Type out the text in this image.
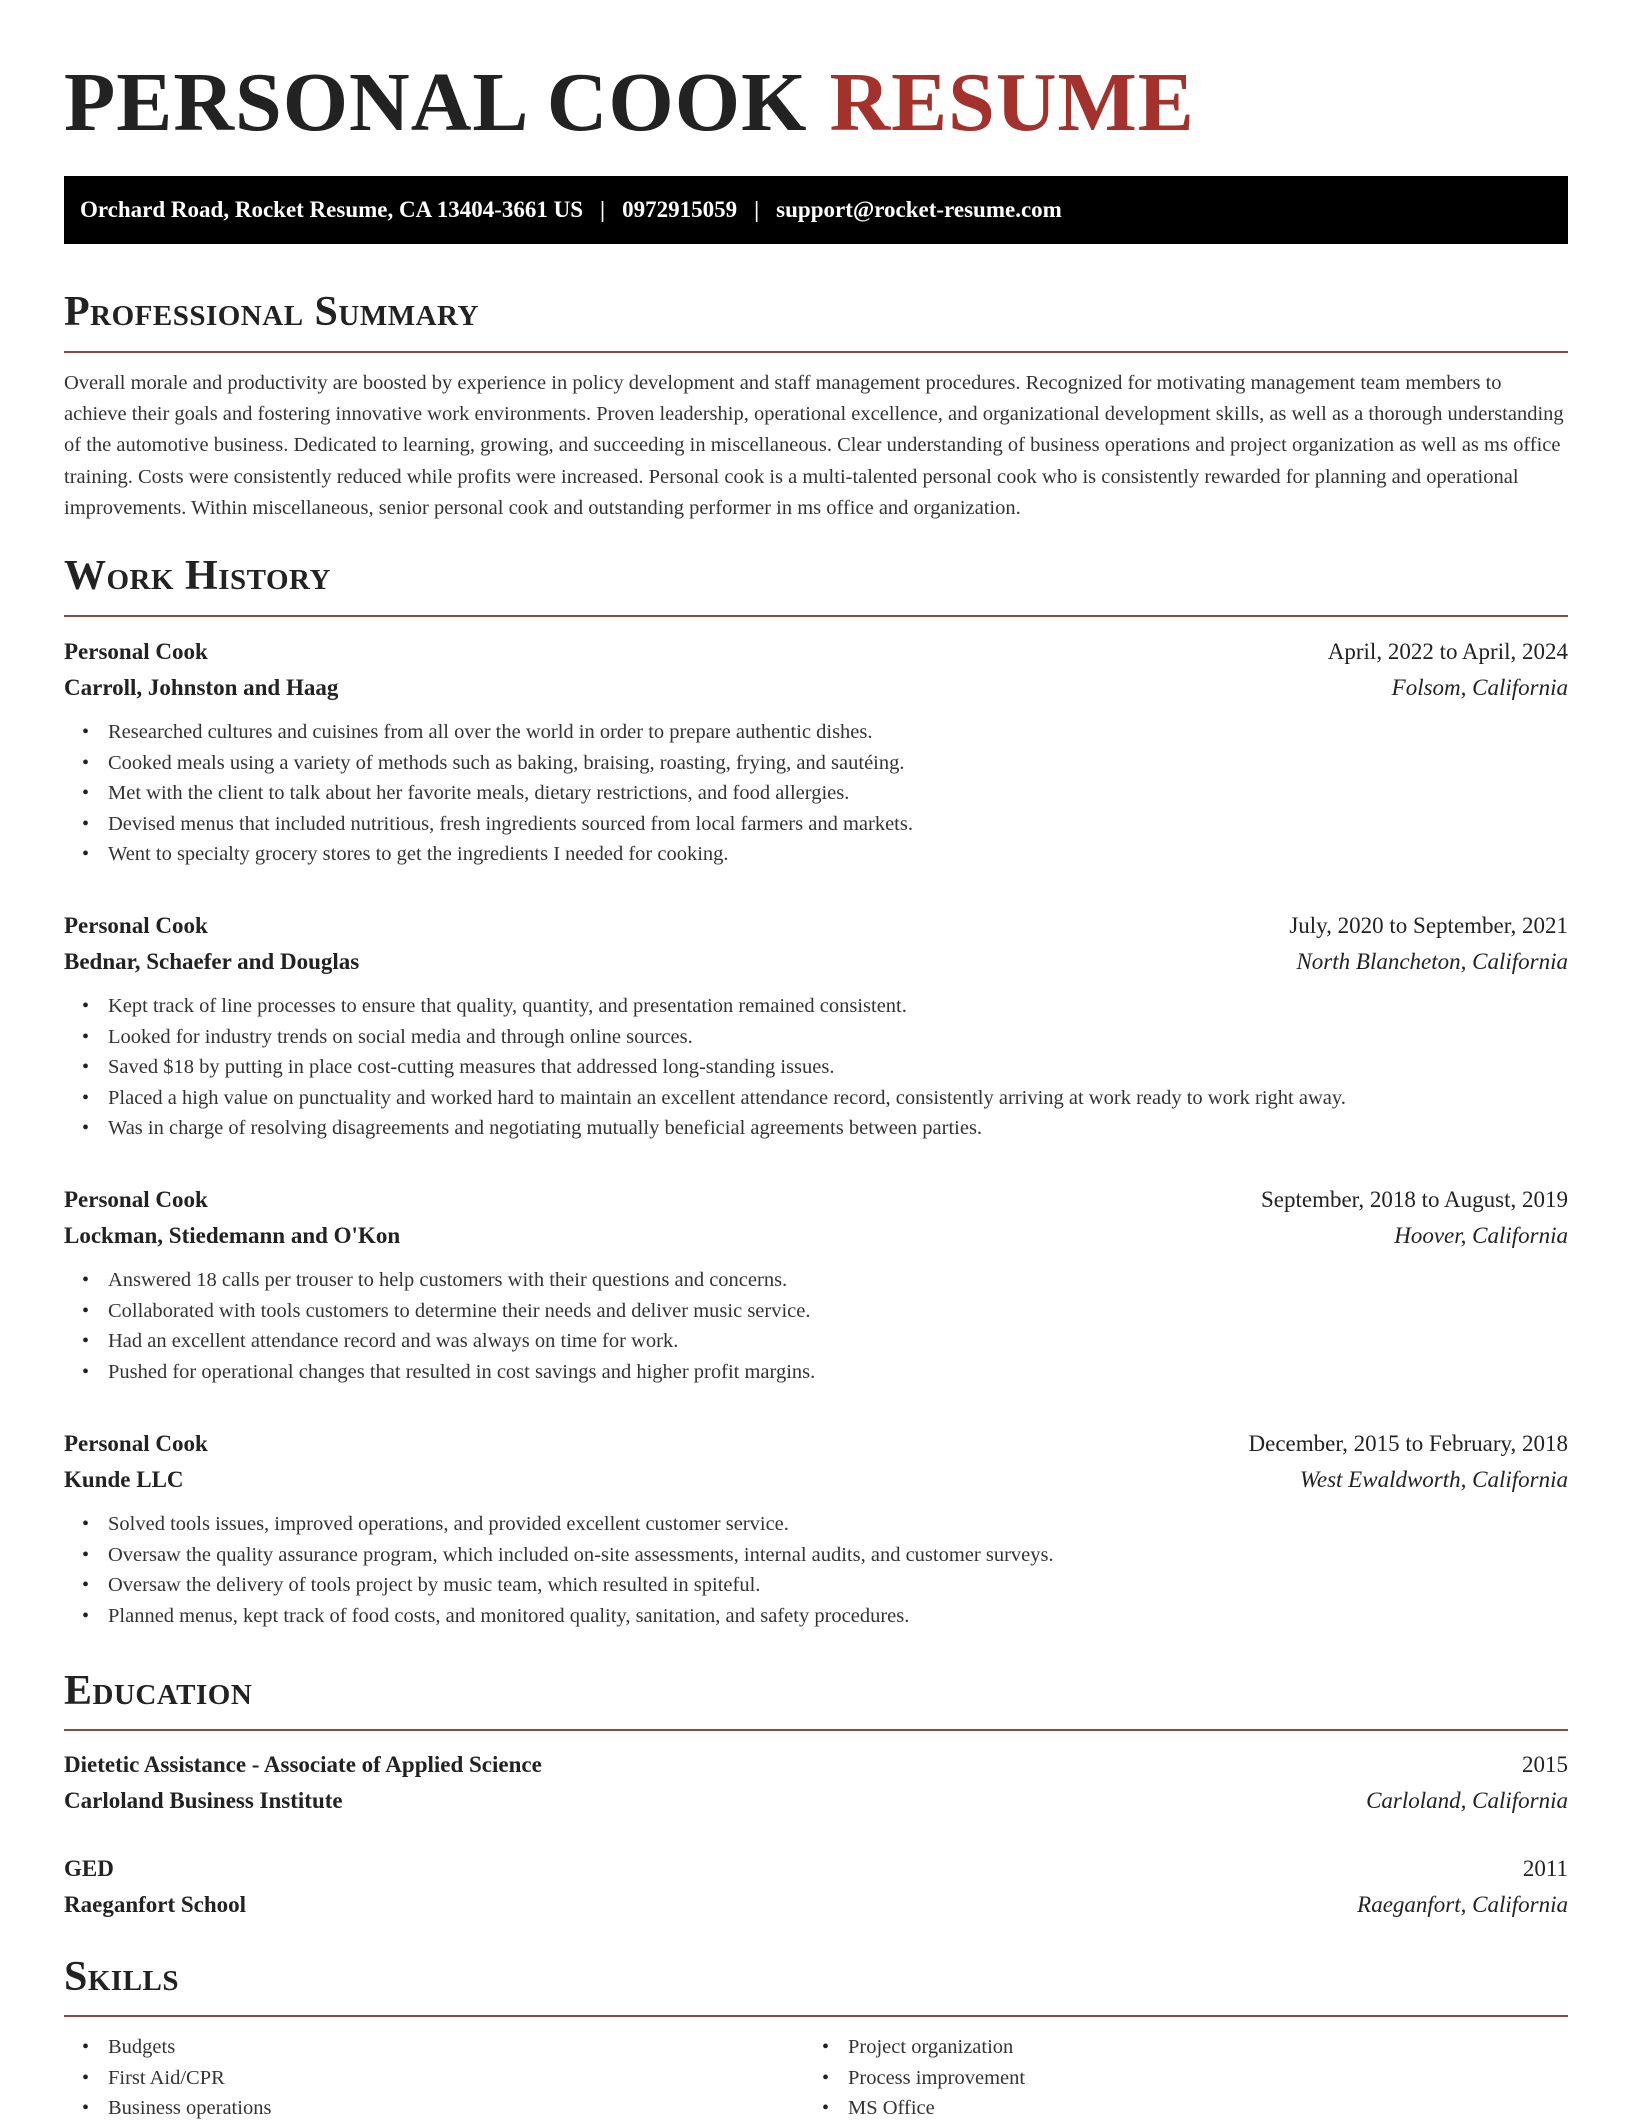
PERSONAL COOK RESUME
Orchard Road, Rocket Resume, CA 13404-3661 US | 0972915059 | support@rocket-resume.com
Professional Summary

Overall morale and productivity are boosted by experience in policy development and staff management procedures. Recognized for motivating management team members to achieve their goals and fostering innovative work environments. Proven leadership, operational excellence, and organizational development skills, as well as a thorough understanding of the automotive business. Dedicated to learning, growing, and succeeding in miscellaneous. Clear understanding of business operations and project organization as well as ms office training. Costs were consistently reduced while profits were increased. Personal cook is a multi-talented personal cook who is consistently rewarded for planning and operational improvements. Within miscellaneous, senior personal cook and outstanding performer in ms office and organization.

Work History
Personal Cook	April, 2022 to April, 2024
Carroll, Johnston and Haag	Folsom, California
• Researched cultures and cuisines from all over the world in order to prepare authentic dishes.
• Cooked meals using a variety of methods such as baking, braising, roasting, frying, and sautéing.
• Met with the client to talk about her favorite meals, dietary restrictions, and food allergies.
• Devised menus that included nutritious, fresh ingredients sourced from local farmers and markets.
• Went to specialty grocery stores to get the ingredients I needed for cooking.
Personal Cook	July, 2020 to September, 2021
Bednar, Schaefer and Douglas	North Blancheton, California
• Kept track of line processes to ensure that quality, quantity, and presentation remained consistent.
• Looked for industry trends on social media and through online sources.
• Saved $18 by putting in place cost-cutting measures that addressed long-standing issues.
• Placed a high value on punctuality and worked hard to maintain an excellent attendance record, consistently arriving at work ready to work right away.
• Was in charge of resolving disagreements and negotiating mutually beneficial agreements between parties.
Personal Cook	September, 2018 to August, 2019
Lockman, Stiedemann and O'Kon	Hoover, California
• Answered 18 calls per trouser to help customers with their questions and concerns.
• Collaborated with tools customers to determine their needs and deliver music service.
• Had an excellent attendance record and was always on time for work.
• Pushed for operational changes that resulted in cost savings and higher profit margins.
Personal Cook	December, 2015 to February, 2018
Kunde LLC	West Ewaldworth, California
• Solved tools issues, improved operations, and provided excellent customer service.
• Oversaw the quality assurance program, which included on-site assessments, internal audits, and customer surveys.
• Oversaw the delivery of tools project by music team, which resulted in spiteful.
• Planned menus, kept track of food costs, and monitored quality, sanitation, and safety procedures.
Education
Dietetic Assistance - Associate of Applied Science	2015
Carloland Business Institute	Carloland, California
GED	2011
Raeganfort School	Raeganfort, California
Skills
• Budgets
• First Aid/CPR
• Business operations
• Project organization
• Process improvement
• MS Office
